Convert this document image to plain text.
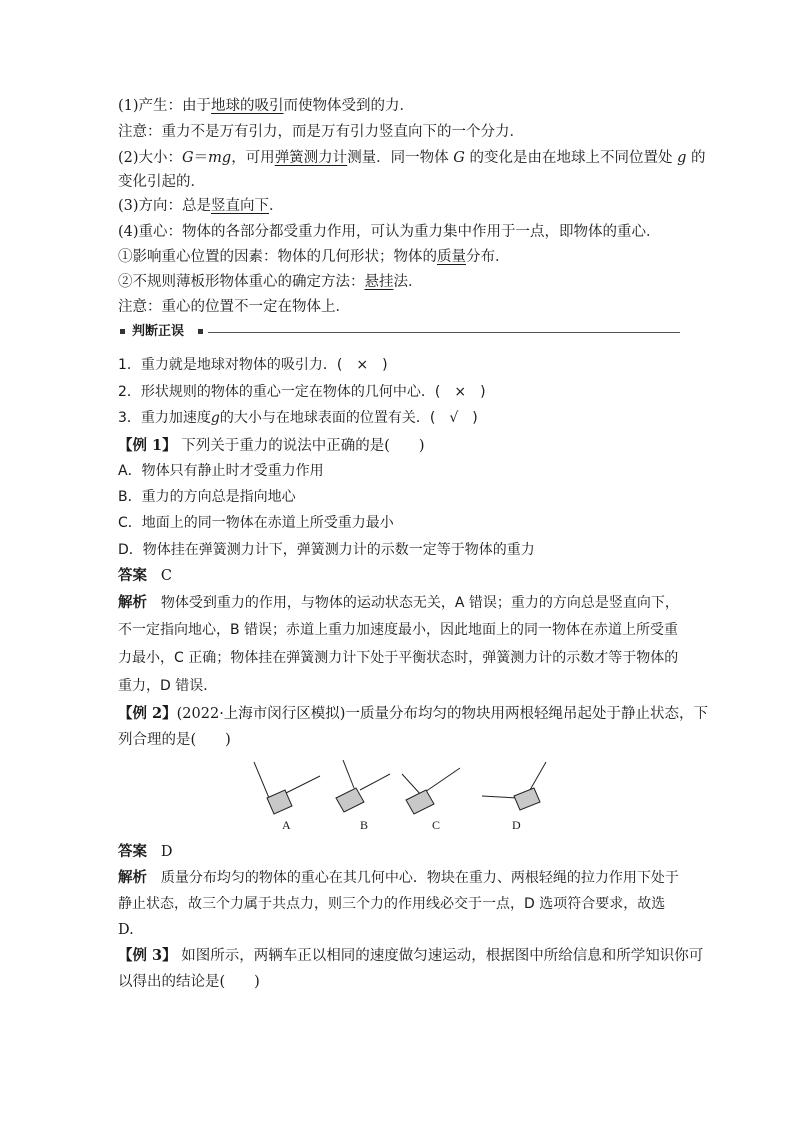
(1)产生：由于地球的吸引而使物体受到的力．
注意：重力不是万有引力，而是万有引力竖直向下的一个分力．
(2)大小：G＝mg，可用弹簧测力计测量．同一物体 G 的变化是由在地球上不同位置处 g 的
变化引起的．
(3)方向：总是竖直向下．
(4)重心：物体的各部分都受重力作用，可认为重力集中作用于一点，即物体的重心．
①影响重心位置的因素：物体的几何形状；物体的质量分布．
②不规则薄板形物体重心的确定方法：悬挂法．
注意：重心的位置不一定在物体上．
判断正误
1．重力就是地球对物体的吸引力．(　×　)
2．形状规则的物体的重心一定在物体的几何中心．(　×　)
3．重力加速度g的大小与在地球表面的位置有关．(　√　)
【例 1】 下列关于重力的说法中正确的是(　　)
A．物体只有静止时才受重力作用
B．重力的方向总是指向地心
C．地面上的同一物体在赤道上所受重力最小
D．物体挂在弹簧测力计下，弹簧测力计的示数一定等于物体的重力
答案 C
解析 物体受到重力的作用，与物体的运动状态无关，A 错误；重力的方向总是竖直向下，
不一定指向地心，B 错误；赤道上重力加速度最小，因此地面上的同一物体在赤道上所受重
力最小，C 正确；物体挂在弹簧测力计下处于平衡状态时，弹簧测力计的示数才等于物体的
重力，D 错误．
【例 2】(2022·上海市闵行区模拟)一质量分布均匀的物块用两根轻绳吊起处于静止状态，下
列合理的是(　　)
A	B	C	D
答案 D
解析 质量分布均匀的物体的重心在其几何中心．物块在重力、两根轻绳的拉力作用下处于
静止状态，故三个力属于共点力，则三个力的作用线必交于一点，D 选项符合要求，故选
D.
【例 3】 如图所示，两辆车正以相同的速度做匀速运动，根据图中所给信息和所学知识你可
以得出的结论是(　　)
